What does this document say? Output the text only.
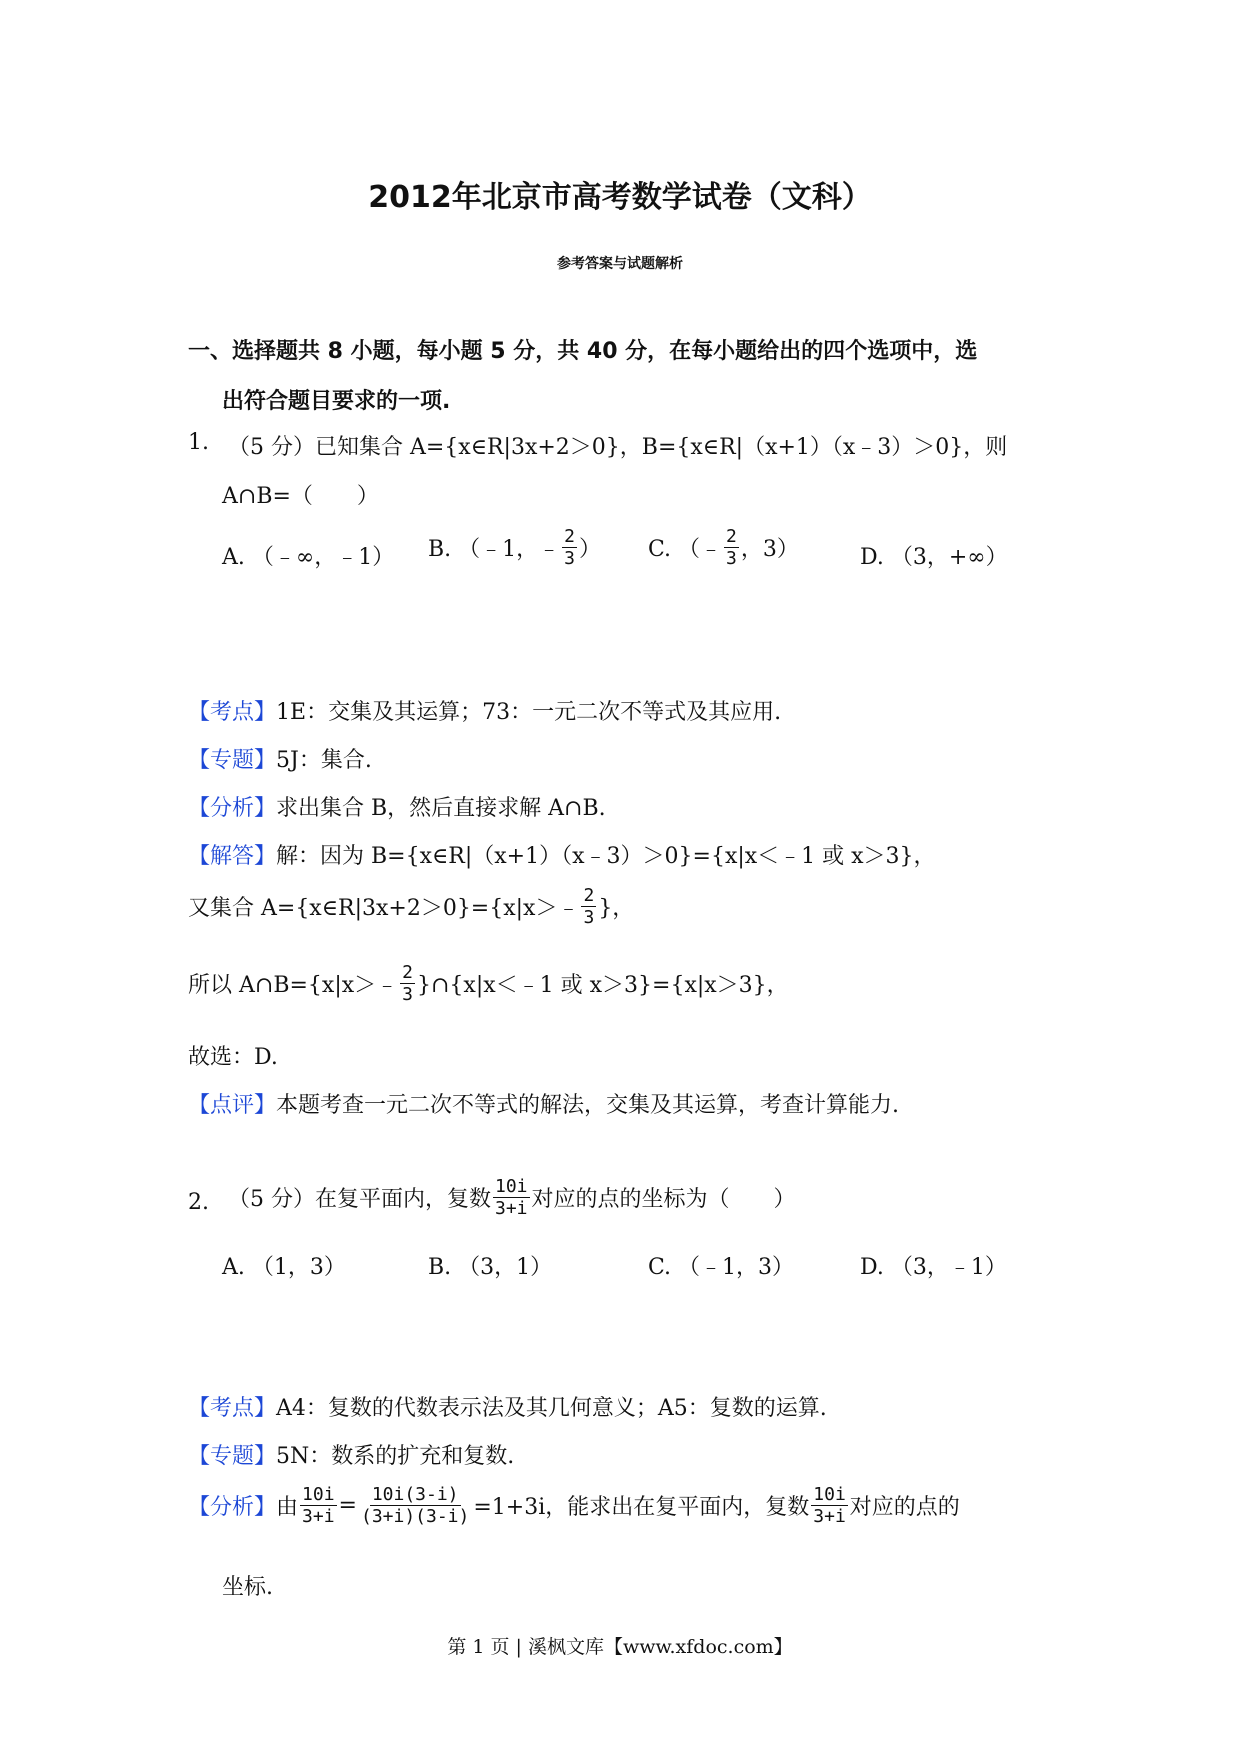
2012年北京市高考数学试卷（文科）
参考答案与试题解析
一、选择题共 8 小题，每小题 5 分，共 40 分，在每小题给出的四个选项中，选
出符合题目要求的一项.
1. （5 分）已知集合 A={x∈R|3x+2＞0}，B={x∈R|（x+1）（x﹣3）＞0}，则
A∩B=（　　）
A. （﹣∞，﹣1） B. （﹣1，﹣ $\frac{2}{3}$ ） C. （﹣ $\frac{2}{3}$ ，3）	D. （3，+∞）
【考点】1E：交集及其运算；73：一元二次不等式及其应用.
【专题】5J：集合.
【分析】求出集合 B，然后直接求解 A∩B.
【解答】解：因为 B={x∈R|（x+1）（x﹣3）＞0}={x|x＜﹣1 或 x＞3}，
又集合 A={x∈R|3x+2＞0}={x|x＞﹣ $\frac{2}{3}$ }，
所以 A∩B={x|x＞﹣ $\frac{2}{3}$ }∩{x|x＜﹣1 或 x＞3}={x|x＞3}，
故选：D.
【点评】本题考查一元二次不等式的解法，交集及其运算，考查计算能力.
2. （5 分）在复平面内，复数 $\frac{10i}{3+i}$ 对应的点的坐标为（　　）
A. （1，3）	B. （3，1）	C. （﹣1，3）	D. （3，﹣1）
【考点】A4：复数的代数表示法及其几何意义；A5：复数的运算.
【专题】5N：数系的扩充和复数.
【分析】 由 $\frac{10i}{3+i} = \frac{10i(3-i)}{(3+i)(3-i)} =1+3i$，能求出在复平面内，复数 $\frac{10i}{3+i}$ 对应的点的
坐标.
第 1 页 | 溪枫文库【www.xfdoc.com】
